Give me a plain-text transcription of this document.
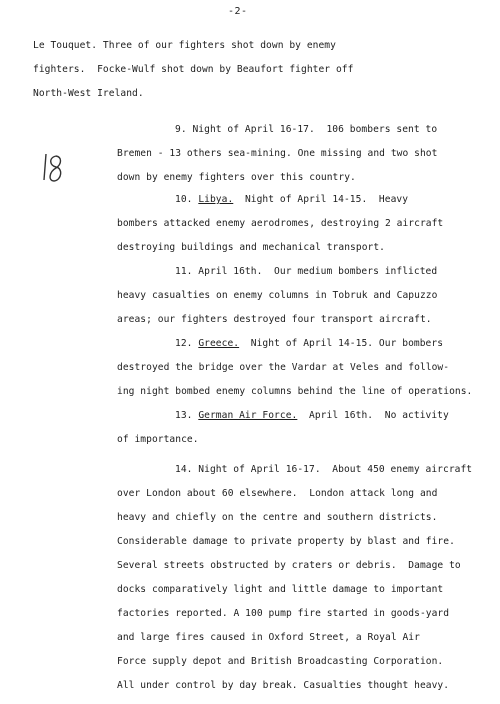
-2-
Le Touquet. Three of our fighters shot down by enemy
fighters.  Focke-Wulf shot down by Beaufort fighter off
North-West Ireland.
9. Night of April 16-17.  106 bombers sent to
Bremen - 13 others sea-mining. One missing and two shot
down by enemy fighters over this country.
10. Libya. Night of April 14-15.  Heavy
bombers attacked enemy aerodromes, destroying 2 aircraft
destroying buildings and mechanical transport.
11. April 16th.  Our medium bombers inflicted
heavy casualties on enemy columns in Tobruk and Capuzzo
areas; our fighters destroyed four transport aircraft.
12. Greece. Night of April 14-15. Our bombers
destroyed the bridge over the Vardar at Veles and follow-
ing night bombed enemy columns behind the line of operations.
13. German Air Force. April 16th.  No activity
of importance.
14. Night of April 16-17.  About 450 enemy aircraft
over London about 60 elsewhere.  London attack long and
heavy and chiefly on the centre and southern districts.
Considerable damage to private property by blast and fire.
Several streets obstructed by craters or debris.  Damage to
docks comparatively light and little damage to important
factories reported. A 100 pump fire started in goods-yard
and large fires caused in Oxford Street, a Royal Air
Force supply depot and British Broadcasting Corporation.
All under control by day break. Casualties thought heavy.
